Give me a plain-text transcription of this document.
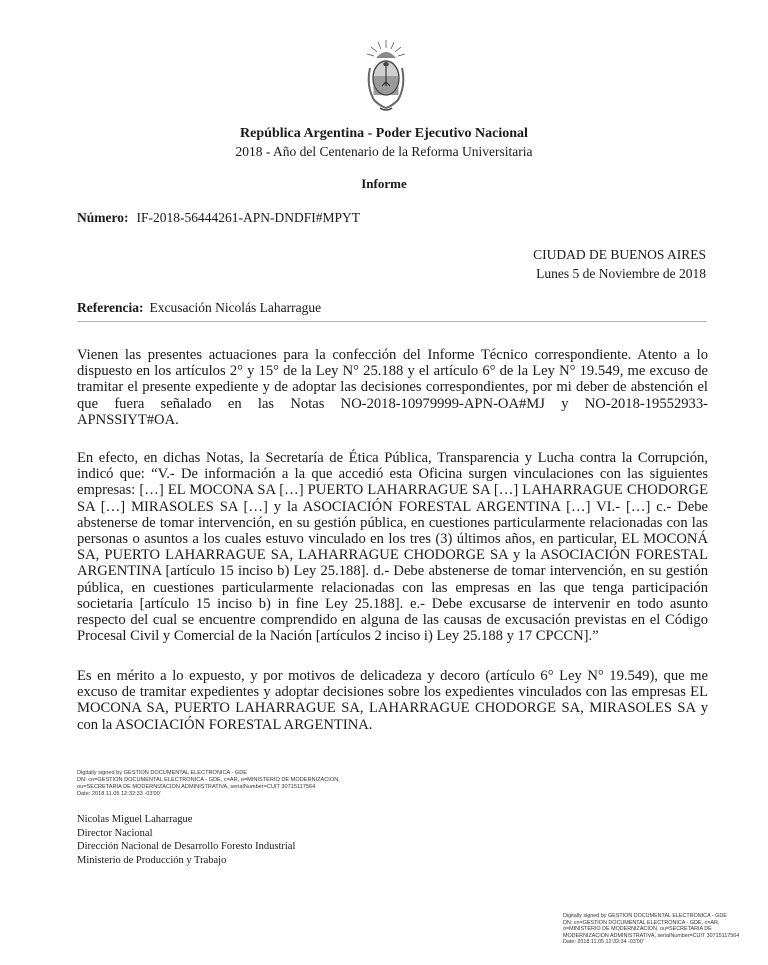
República Argentina - Poder Ejecutivo Nacional
2018 - Año del Centenario de la Reforma Universitaria
Informe
Número: IF-2018-56444261-APN-DNDFI#MPYT
CIUDAD DE BUENOS AIRES
Lunes 5 de Noviembre de 2018
Referencia: Excusación Nicolás Laharrague
Vienen las presentes actuaciones para la confección del Informe Técnico correspondiente. Atento a lo dispuesto en los artículos 2° y 15° de la Ley N° 25.188 y el artículo 6° de la Ley N° 19.549, me excuso de tramitar el presente expediente y de adoptar las decisiones correspondientes, por mi deber de abstención el que fuera señalado en las Notas NO-2018-10979999-APN-OA#MJ y NO-2018-19552933-APNSSIYT#OA.
En efecto, en dichas Notas, la Secretaría de Ética Pública, Transparencia y Lucha contra la Corrupción, indicó que: “V.- De información a la que accedió esta Oficina surgen vinculaciones con las siguientes empresas: […] EL MOCONA SA […] PUERTO LAHARRAGUE SA […] LAHARRAGUE CHODORGE SA […] MIRASOLES SA […] y la ASOCIACIÓN FORESTAL ARGENTINA […] VI.- […] c.- Debe abstenerse de tomar intervención, en su gestión pública, en cuestiones particularmente relacionadas con las personas o asuntos a los cuales estuvo vinculado en los tres (3) últimos años, en particular, EL MOCONÁ SA, PUERTO LAHARRAGUE SA, LAHARRAGUE CHODORGE SA y la ASOCIACIÓN FORESTAL ARGENTINA [artículo 15 inciso b) Ley 25.188]. d.- Debe abstenerse de tomar intervención, en su gestión pública, en cuestiones particularmente relacionadas con las empresas en las que tenga participación societaria [artículo 15 inciso b) in fine Ley 25.188]. e.- Debe excusarse de intervenir en todo asunto respecto del cual se encuentre comprendido en alguna de las causas de excusación previstas en el Código Procesal Civil y Comercial de la Nación [artículos 2 inciso i) Ley 25.188 y 17 CPCCN].”
Es en mérito a lo expuesto, y por motivos de delicadeza y decoro (artículo 6° Ley N° 19.549), que me excuso de tramitar expedientes y adoptar decisiones sobre los expedientes vinculados con las empresas EL MOCONA SA, PUERTO LAHARRAGUE SA, LAHARRAGUE CHODORGE SA, MIRASOLES SA y con la ASOCIACIÓN FORESTAL ARGENTINA.
Digitally signed by GESTION DOCUMENTAL ELECTRONICA - GDE
DN: cn=GESTION DOCUMENTAL ELECTRONICA - GDE, c=AR, o=MINISTERIO DE MODERNIZACION,
ou=SECRETARIA DE MODERNIZACION ADMINISTRATIVA, serialNumber=CUIT 30715117564
Date: 2018.11.05 12:32:33 -03'00'
Nicolas Miguel Laharrague
Director Nacional
Dirección Nacional de Desarrollo Foresto Industrial
Ministerio de Producción y Trabajo
Digitally signed by GESTION DOCUMENTAL ELECTRONICA - GDE
DN: cn=GESTION DOCUMENTAL ELECTRONICA - GDE, c=AR, o=MINISTERIO DE MODERNIZACION, ou=SECRETARIA DE MODERNIZACION ADMINISTRATIVA, serialNumber=CUIT 30715117564
Date: 2018.11.05 12:32:34 -03'00'
